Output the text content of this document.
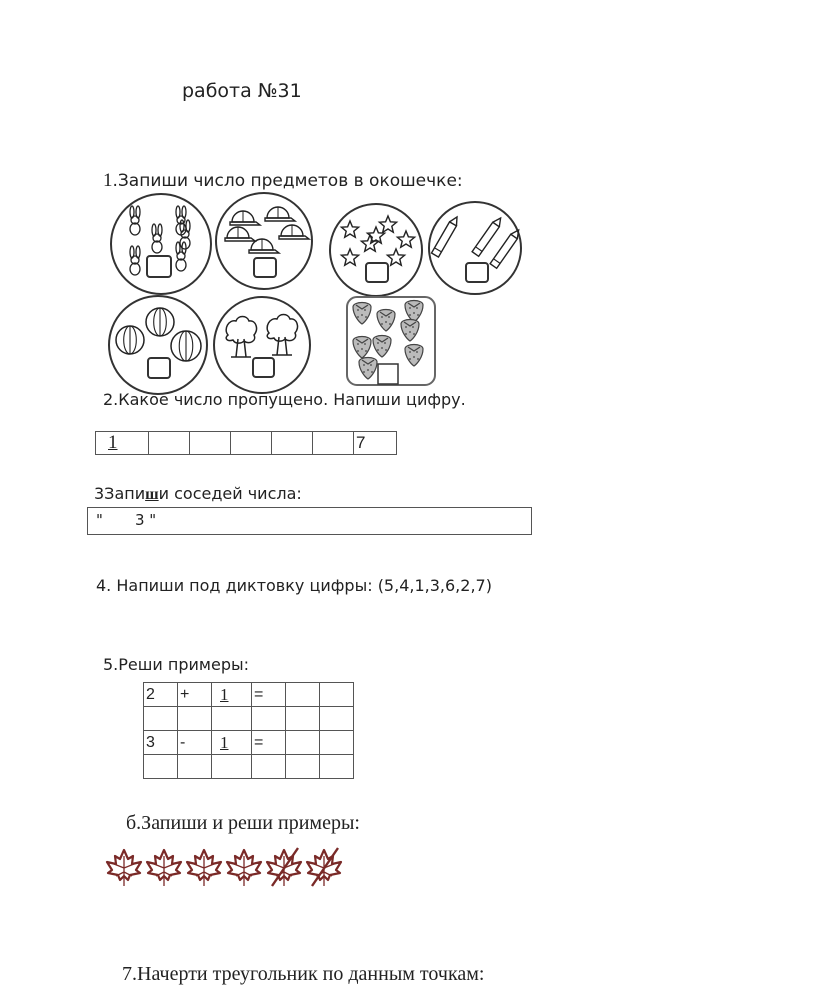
работа №31
1.Запиши число предметов в окошечке:
2.Какое число пропущено. Напиши цифру.
1						7
3Запиши соседей числа:
" 3 "
4. Напиши под диктовку цифры: (5,4,1,3,6,2,7)
5.Реши примеры:
2	+	1	=		

3	-	1	=		

б.Запиши и реши примеры:
7.Начерти треугольник по данным точкам:
